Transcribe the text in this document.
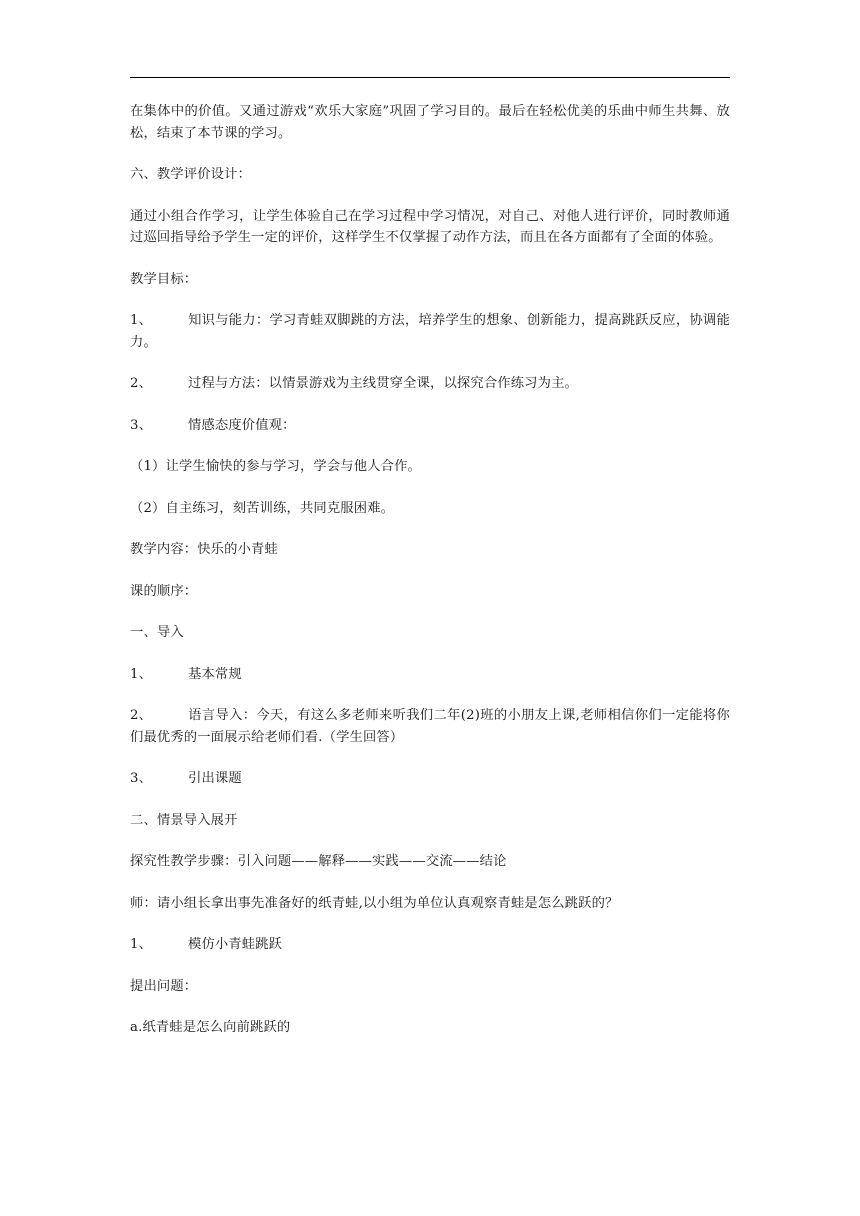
在集体中的价值。又通过游戏“欢乐大家庭”巩固了学习目的。最后在轻松优美的乐曲中师生共舞、放松，结束了本节课的学习。

六、教学评价设计：

通过小组合作学习，让学生体验自己在学习过程中学习情况，对自己、对他人进行评价，同时教师通过巡回指导给予学生一定的评价，这样学生不仅掌握了动作方法，而且在各方面都有了全面的体验。

教学目标：

1、	知识与能力：学习青蛙双脚跳的方法，培养学生的想象、创新能力，提高跳跃反应，协调能力。

2、	过程与方法：以情景游戏为主线贯穿全课，以探究合作练习为主。

3、	情感态度价值观：

（1）让学生愉快的参与学习，学会与他人合作。

（2）自主练习，刻苦训练，共同克服困难。

教学内容：快乐的小青蛙

课的顺序：

一、导入

1、	基本常规

2、	语言导入：今天，有这么多老师来听我们二年(2)班的小朋友上课,老师相信你们一定能将你们最优秀的一面展示给老师们看.（学生回答）

3、	引出课题

二、情景导入展开

探究性教学步骤：引入问题——解释——实践——交流——结论

师：请小组长拿出事先准备好的纸青蛙,以小组为单位认真观察青蛙是怎么跳跃的？

1、	模仿小青蛙跳跃

提出问题：

a.纸青蛙是怎么向前跳跃的
